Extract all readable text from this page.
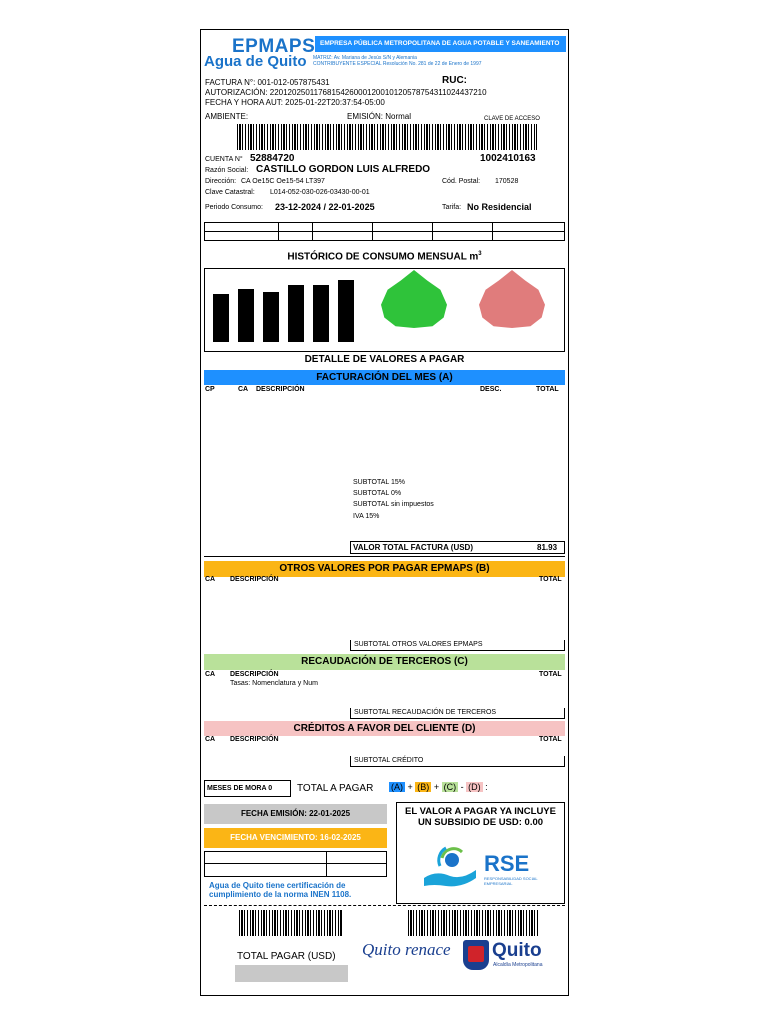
EPMAPS
Agua de Quito
EMPRESA PÚBLICA METROPOLITANA DE AGUA POTABLE Y SANEAMIENTO
MATRIZ: Av. Mariana de Jesús S/N y Alemania
CONTRIBUYENTE ESPECIAL Resolución No. 281 de 22 de Enero de 1997
FACTURA N°: 001-012-057875431	RUC:
AUTORIZACIÓN: 2201202501176815426000120010120578754311024437210
FECHA Y HORA AUT: 2025-01-22T20:37:54-05:00
AMBIENTE:	EMISIÓN: Normal	CLAVE DE ACCESO
CUENTA N° 52884720	1002410163
Razón Social: CASTILLO GORDON LUIS ALFREDO
Dirección: CA Oe15C Oe15-54 LT397	Cód. Postal: 170528
Clave Catastral: L014-052-030-026-03430-00-01
Periodo Consumo: 23-12-2024 / 22-01-2025	Tarifa: No Residencial
HISTÓRICO DE CONSUMO MENSUAL $m^3$
DETALLE DE VALORES A PAGAR
FACTURACIÓN DEL MES (A)
CP	CA DESCRIPCIÓN	DESC.	TOTAL
SUBTOTAL 15%
SUBTOTAL 0%
SUBTOTAL sin impuestos
IVA 15%
VALOR TOTAL FACTURA (USD)	81.93
OTROS VALORES POR PAGAR EPMAPS (B)
CA DESCRIPCIÓN	TOTAL
SUBTOTAL OTROS VALORES EPMAPS
RECAUDACIÓN DE TERCEROS (C)
CA DESCRIPCIÓN	TOTAL
Tasas: Nomenclatura y Num
SUBTOTAL RECAUDACIÓN DE TERCEROS
CRÉDITOS A FAVOR DEL CLIENTE (D)
CA DESCRIPCIÓN	TOTAL
SUBTOTAL CRÉDITO
MESES DE MORA 0	TOTAL A PAGAR (A) + (B) + (C) - (D) :
FECHA EMISIÓN: 22-01-2025
FECHA VENCIMIENTO: 16-02-2025
Agua de Quito tiene certificación de cumplimiento de la norma INEN 1108.
EL VALOR A PAGAR YA INCLUYE UN SUBSIDIO DE USD: 0.00
RSE
RESPONSABILIDAD SOCIAL EMPRESARIAL
TOTAL PAGAR (USD) Quito renace Quito
Alcaldía Metropolitana
